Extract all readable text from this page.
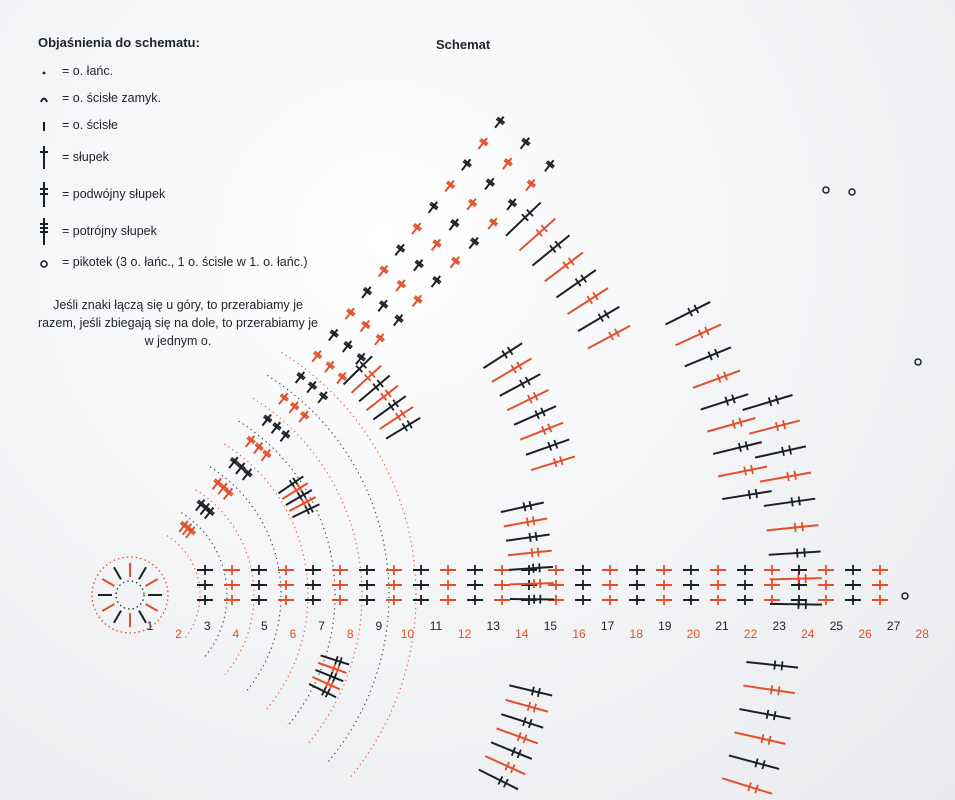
Objaśnienia do schematu:
= o. łańc.
= o. ścisłe zamyk.
= o. ścisłe
= słupek
= podwójny słupek
= potrójny słupek
= pikotek (3 o. łańc., 1 o. ścisłe w 1. o. łańc.)
Jeśli znaki łączą się u góry, to przerabiamy je razem, jeśli zbiegają się na dole, to przerabiamy je w jednym o.
Schemat
1
2
3
4
5
6
7
8
9
10
11
12
13
14
15
16
17
18
19
20
21
22
23
24
25
26
27
28
